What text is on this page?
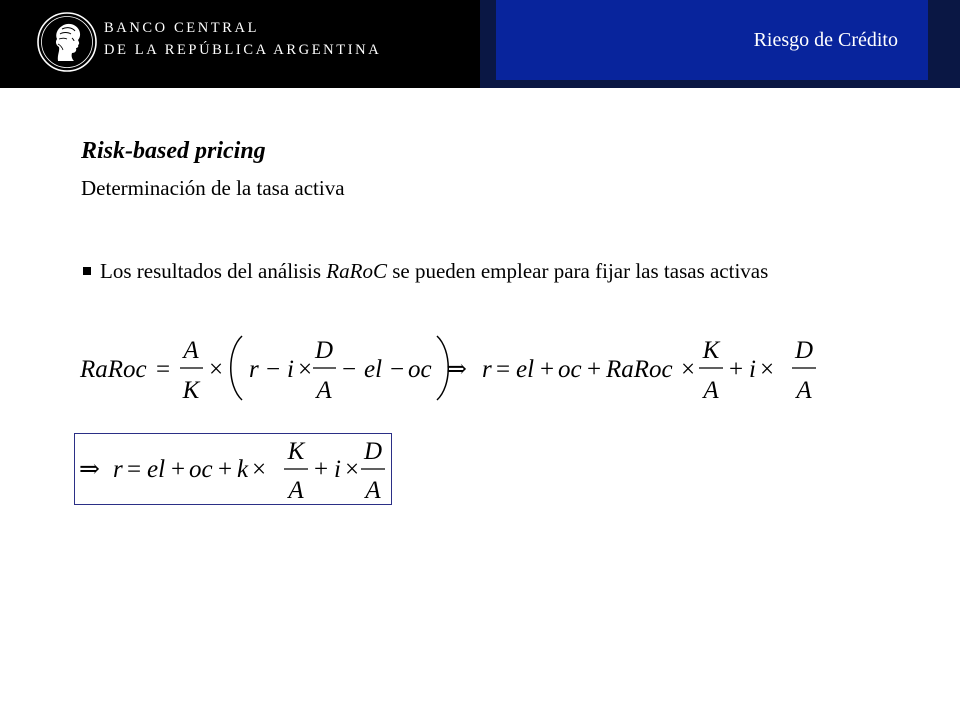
BANCO CENTRAL
DE LA REPÚBLICA ARGENTINA	Riesgo de Crédito
Risk-based pricing
Determinación de la tasa activa
Los resultados del análisis RaRoC se pueden emplear para fijar las tasas activas
RaRoc =
A
K
× r − i ×
D
A
− el − oc ⇒ r = el + oc + RaRoc ×
K
A
+ i ×
D
A
⇒ r = el + oc + k ×
K
A
+ i ×
D
A
